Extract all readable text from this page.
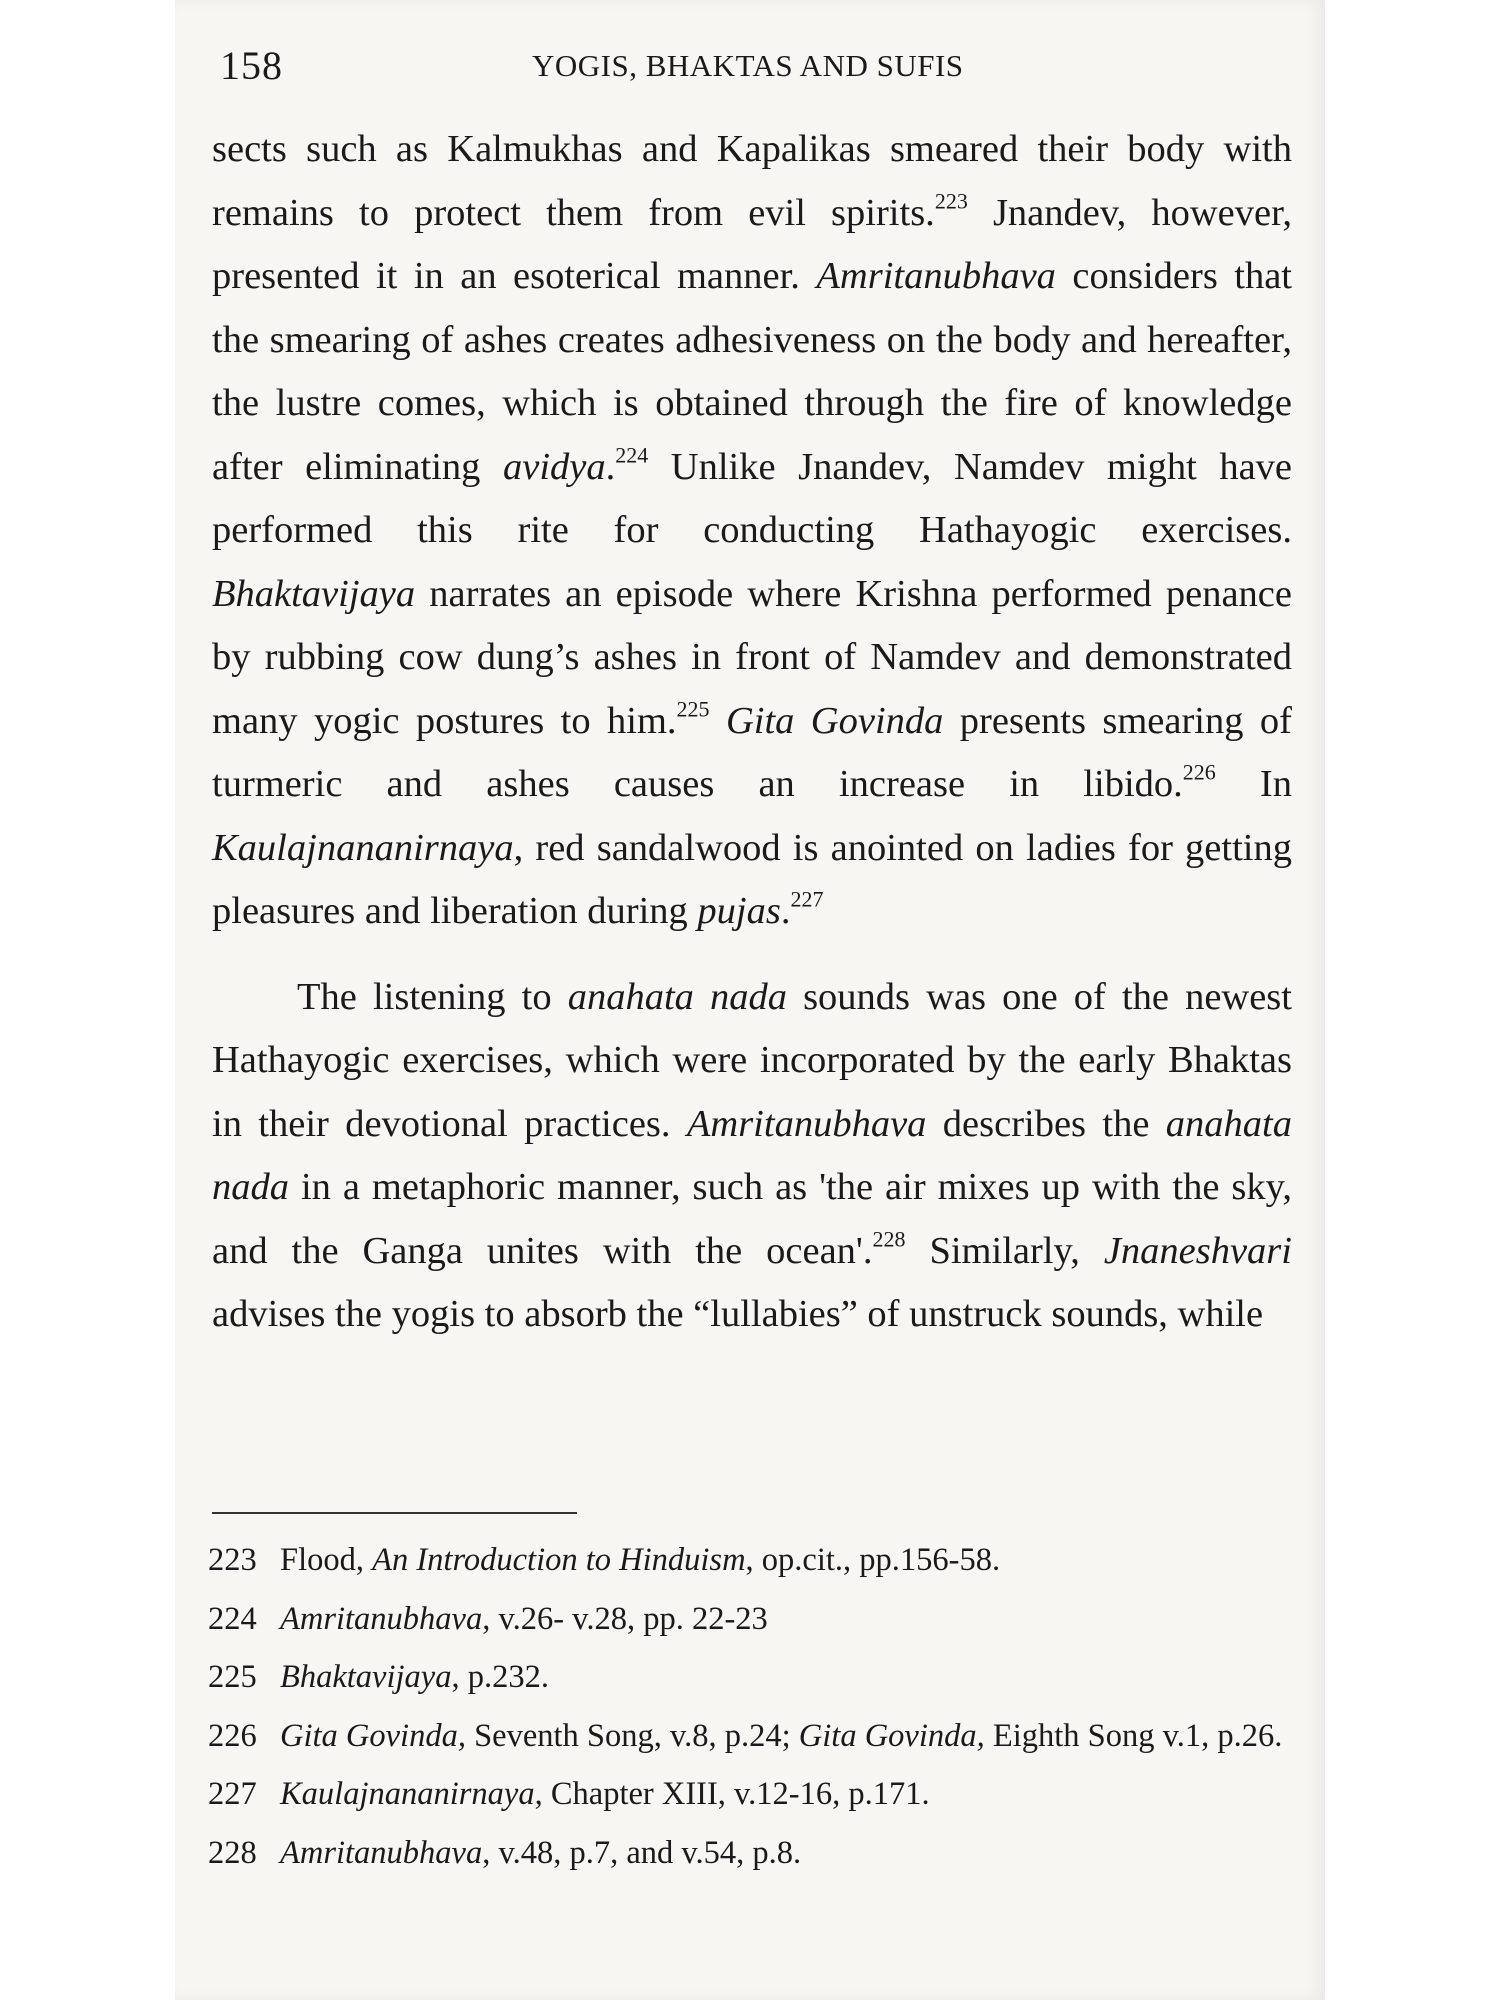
158	YOGIS, BHAKTAS AND SUFIS

sects such as Kalmukhas and Kapalikas smeared their body with remains to protect them from evil spirits.$^{223}$ Jnandev, however, presented it in an esoterical manner. Amritanubhava considers that the smearing of ashes creates adhesiveness on the body and hereafter, the lustre comes, which is obtained through the fire of knowledge after eliminating avidya.$^{224}$ Unlike Jnandev, Namdev might have performed this rite for conducting Hathayogic exercises. Bhaktavijaya narrates an episode where Krishna performed penance by rubbing cow dung’s ashes in front of Namdev and demonstrated many yogic postures to him.$^{225}$ Gita Govinda presents smearing of turmeric and ashes causes an increase in libido.$^{226}$ In Kaulajnananirnaya, red sandalwood is anointed on ladies for getting pleasures and liberation during pujas.$^{227}$

The listening to anahata nada sounds was one of the newest Hathayogic exercises, which were incorporated by the early Bhaktas in their devotional practices. Amritanubhava describes the anahata nada in a metaphoric manner, such as 'the air mixes up with the sky, and the Ganga unites with the ocean'.$^{228}$ Similarly, Jnaneshvari advises the yogis to absorb the “lullabies” of unstruck sounds, while

223 Flood, An Introduction to Hinduism, op.cit., pp.156-58.
224 Amritanubhava, v.26- v.28, pp. 22-23
225 Bhaktavijaya, p.232.
226 Gita Govinda, Seventh Song, v.8, p.24; Gita Govinda, Eighth Song v.1, p.26.
227 Kaulajnananirnaya, Chapter XIII, v.12-16, p.171.
228 Amritanubhava, v.48, p.7, and v.54, p.8.
